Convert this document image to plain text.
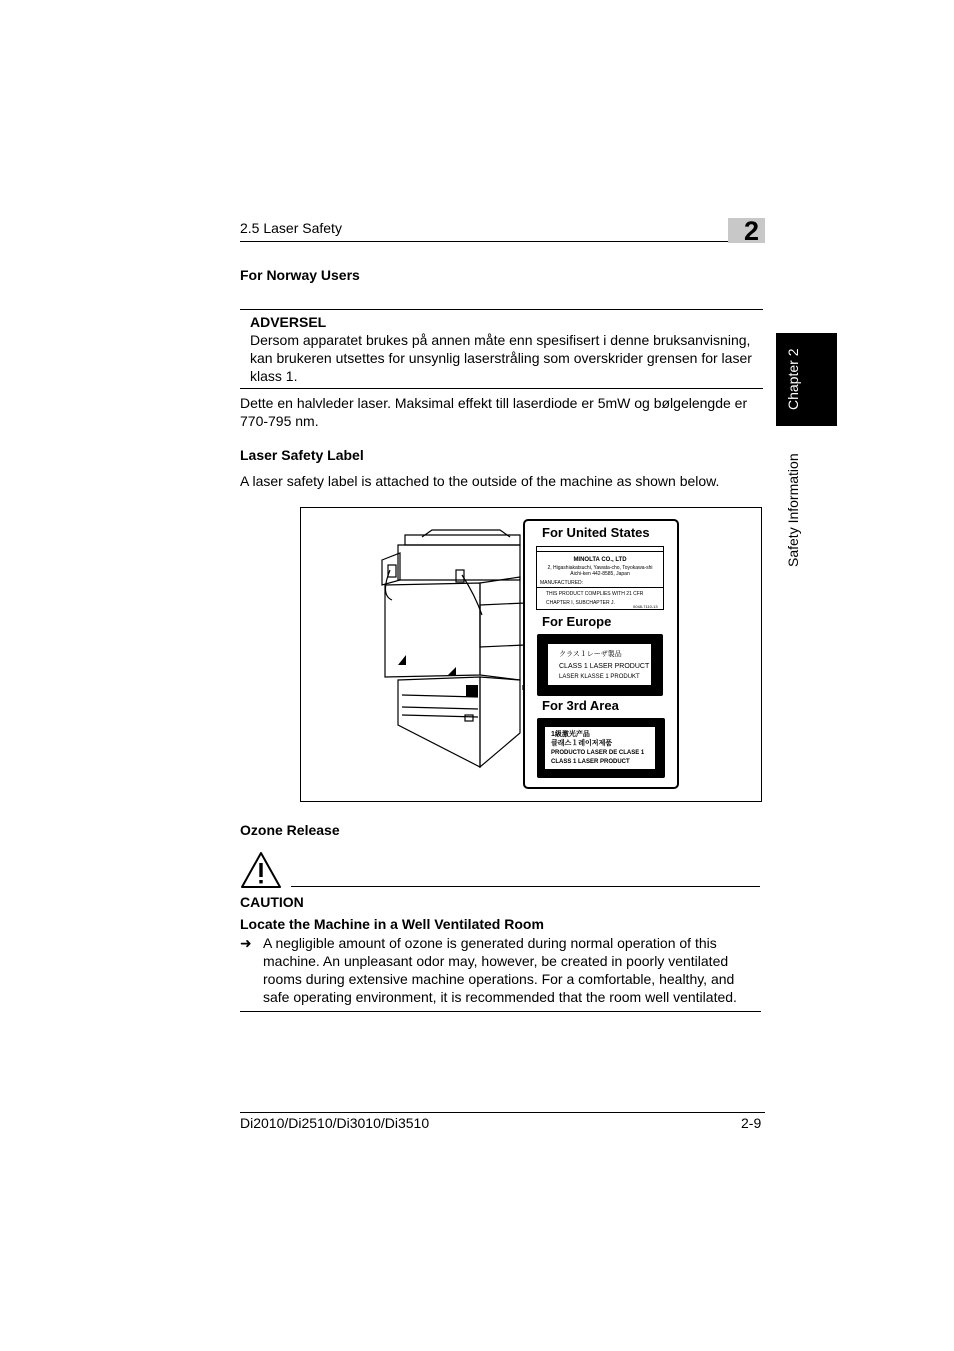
2.5 Laser Safety	2
Chapter 2
Safety Information
For Norway Users
ADVERSEL
Dersom apparatet brukes på annen måte enn spesifisert i denne bruksanvisning, kan brukeren utsettes for unsynlig laserstråling som overskrider grensen for laser klass 1.
Dette en halvleder laser. Maksimal effekt till laserdiode er 5mW og bølgelengde er 770-795 nm.
Laser Safety Label
A laser safety label is attached to the outside of the machine as shown below.
For United States
MINOLTA CO., LTD
2, Higashiakatsuchi, Yawata-cho, Toyokawa-shi
Aichi-ken 442-8585, Japan
MANUFACTURED:
THIS PRODUCT COMPLIES WITH 21 CFR
CHAPTER I, SUBCHAPTER J.
0048-7110-13
For Europe
クラス１レーザ製品
CLASS 1 LASER PRODUCT
LASER KLASSE 1 PRODUKT
For 3rd Area
1級激光产品
클래스１레이저제품
PRODUCTO LASER DE CLASE 1
CLASS 1 LASER PRODUCT
Ozone Release
CAUTION
Locate the Machine in a Well Ventilated Room
➜ A negligible amount of ozone is generated during normal operation of this machine. An unpleasant odor may, however, be created in poorly ventilated rooms during extensive machine operations. For a comfortable, healthy, and safe operating environment, it is recommended that the room well ventilated.
Di2010/Di2510/Di3010/Di3510	2-9
